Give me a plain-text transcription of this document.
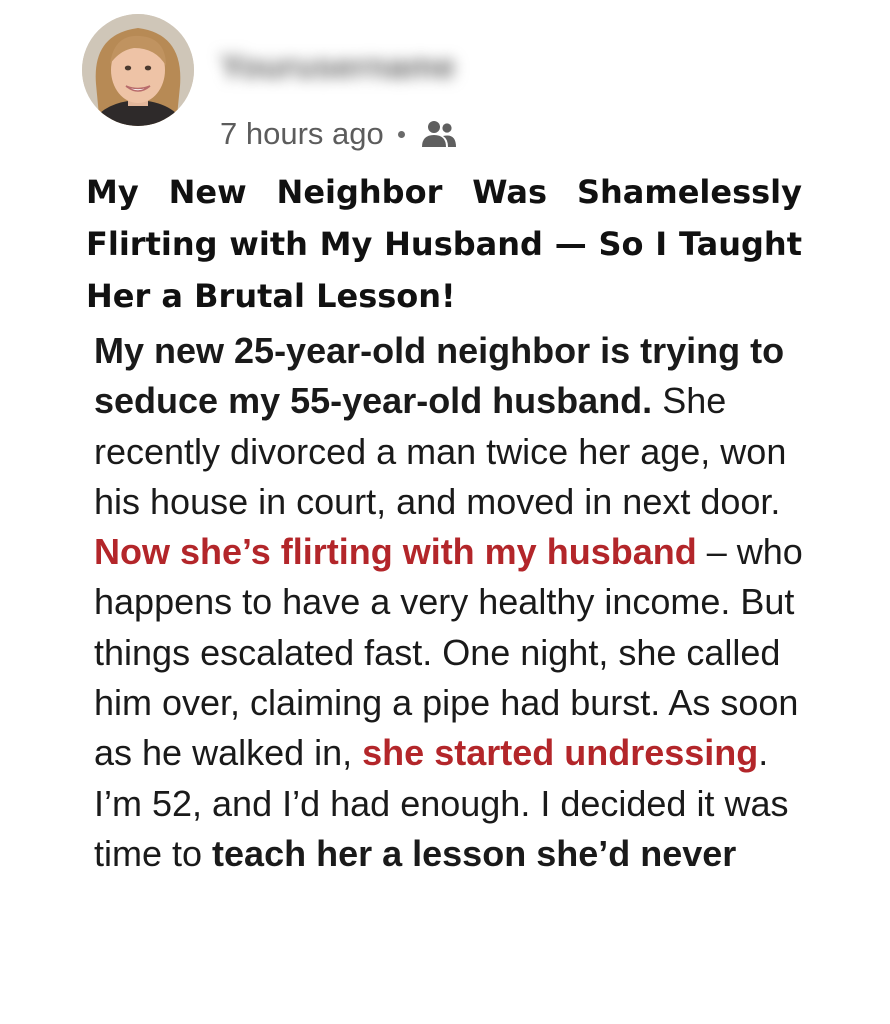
Yourusername
7 hours ago
My New Neighbor Was Shamelessly Flirting with My Husband — So I Taught Her a Brutal Lesson!

My new 25-year-old neighbor is trying to seduce my 55-year-old husband. She recently divorced a man twice her age, won his house in court, and moved in next door. Now she’s flirting with my husband – who happens to have a very healthy income. But things escalated fast. One night, she called him over, claiming a pipe had burst. As soon as he walked in, she started undressing. I’m 52, and I’d had enough. I decided it was time to teach her a lesson she’d never
